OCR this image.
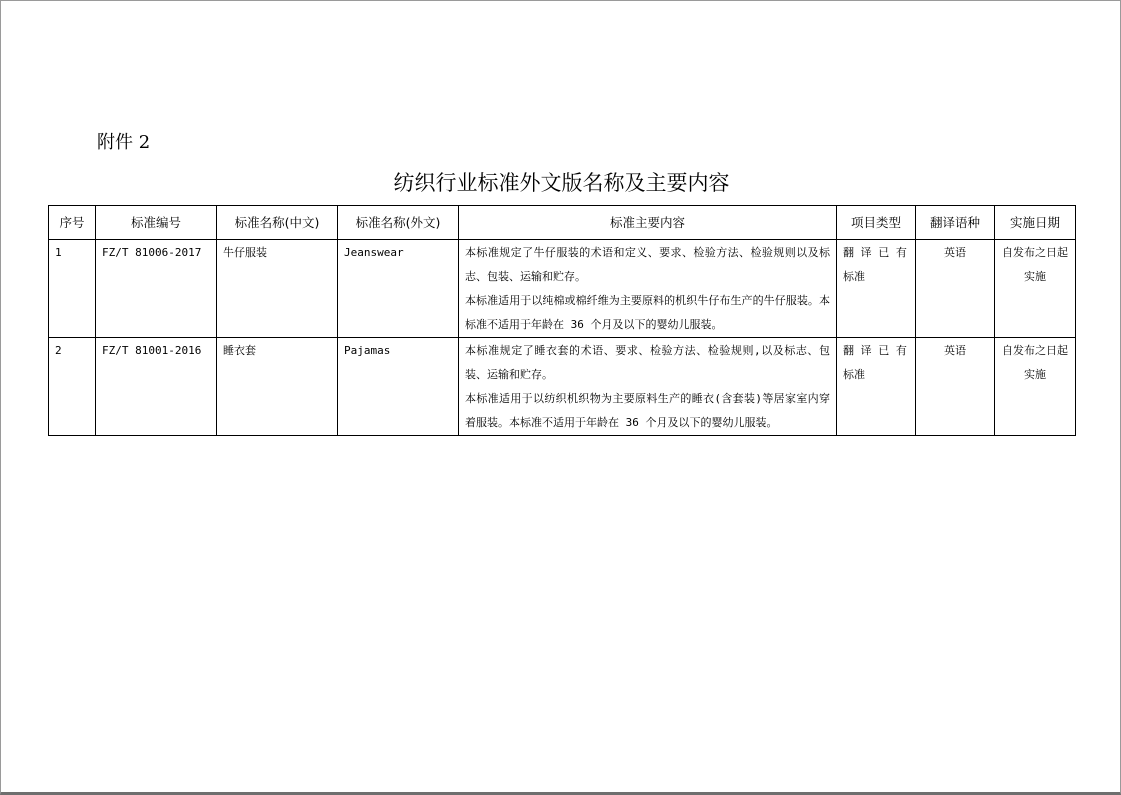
附件 2
纺织行业标准外文版名称及主要内容
序号	标准编号	标准名称(中文)	标准名称(外文)	标准主要内容	项目类型	翻译语种	实施日期
1	FZ/T 81006-2017	牛仔服装	Jeanswear	本标准规定了牛仔服装的术语和定义、要求、检验方法、检验规则以及标志、包装、运输和贮存。
本标准适用于以纯棉或棉纤维为主要原料的机织牛仔布生产的牛仔服装。本标准不适用于年龄在 36 个月及以下的婴幼儿服装。	翻 译 已 有 标准	英语	自发布之日起实施
2	FZ/T 81001-2016	睡衣套	Pajamas	本标准规定了睡衣套的术语、要求、检验方法、检验规则,以及标志、包装、运输和贮存。
本标准适用于以纺织机织物为主要原料生产的睡衣(含套装)等居家室内穿着服装。本标准不适用于年龄在 36 个月及以下的婴幼儿服装。	翻 译 已 有 标准	英语	自发布之日起实施
